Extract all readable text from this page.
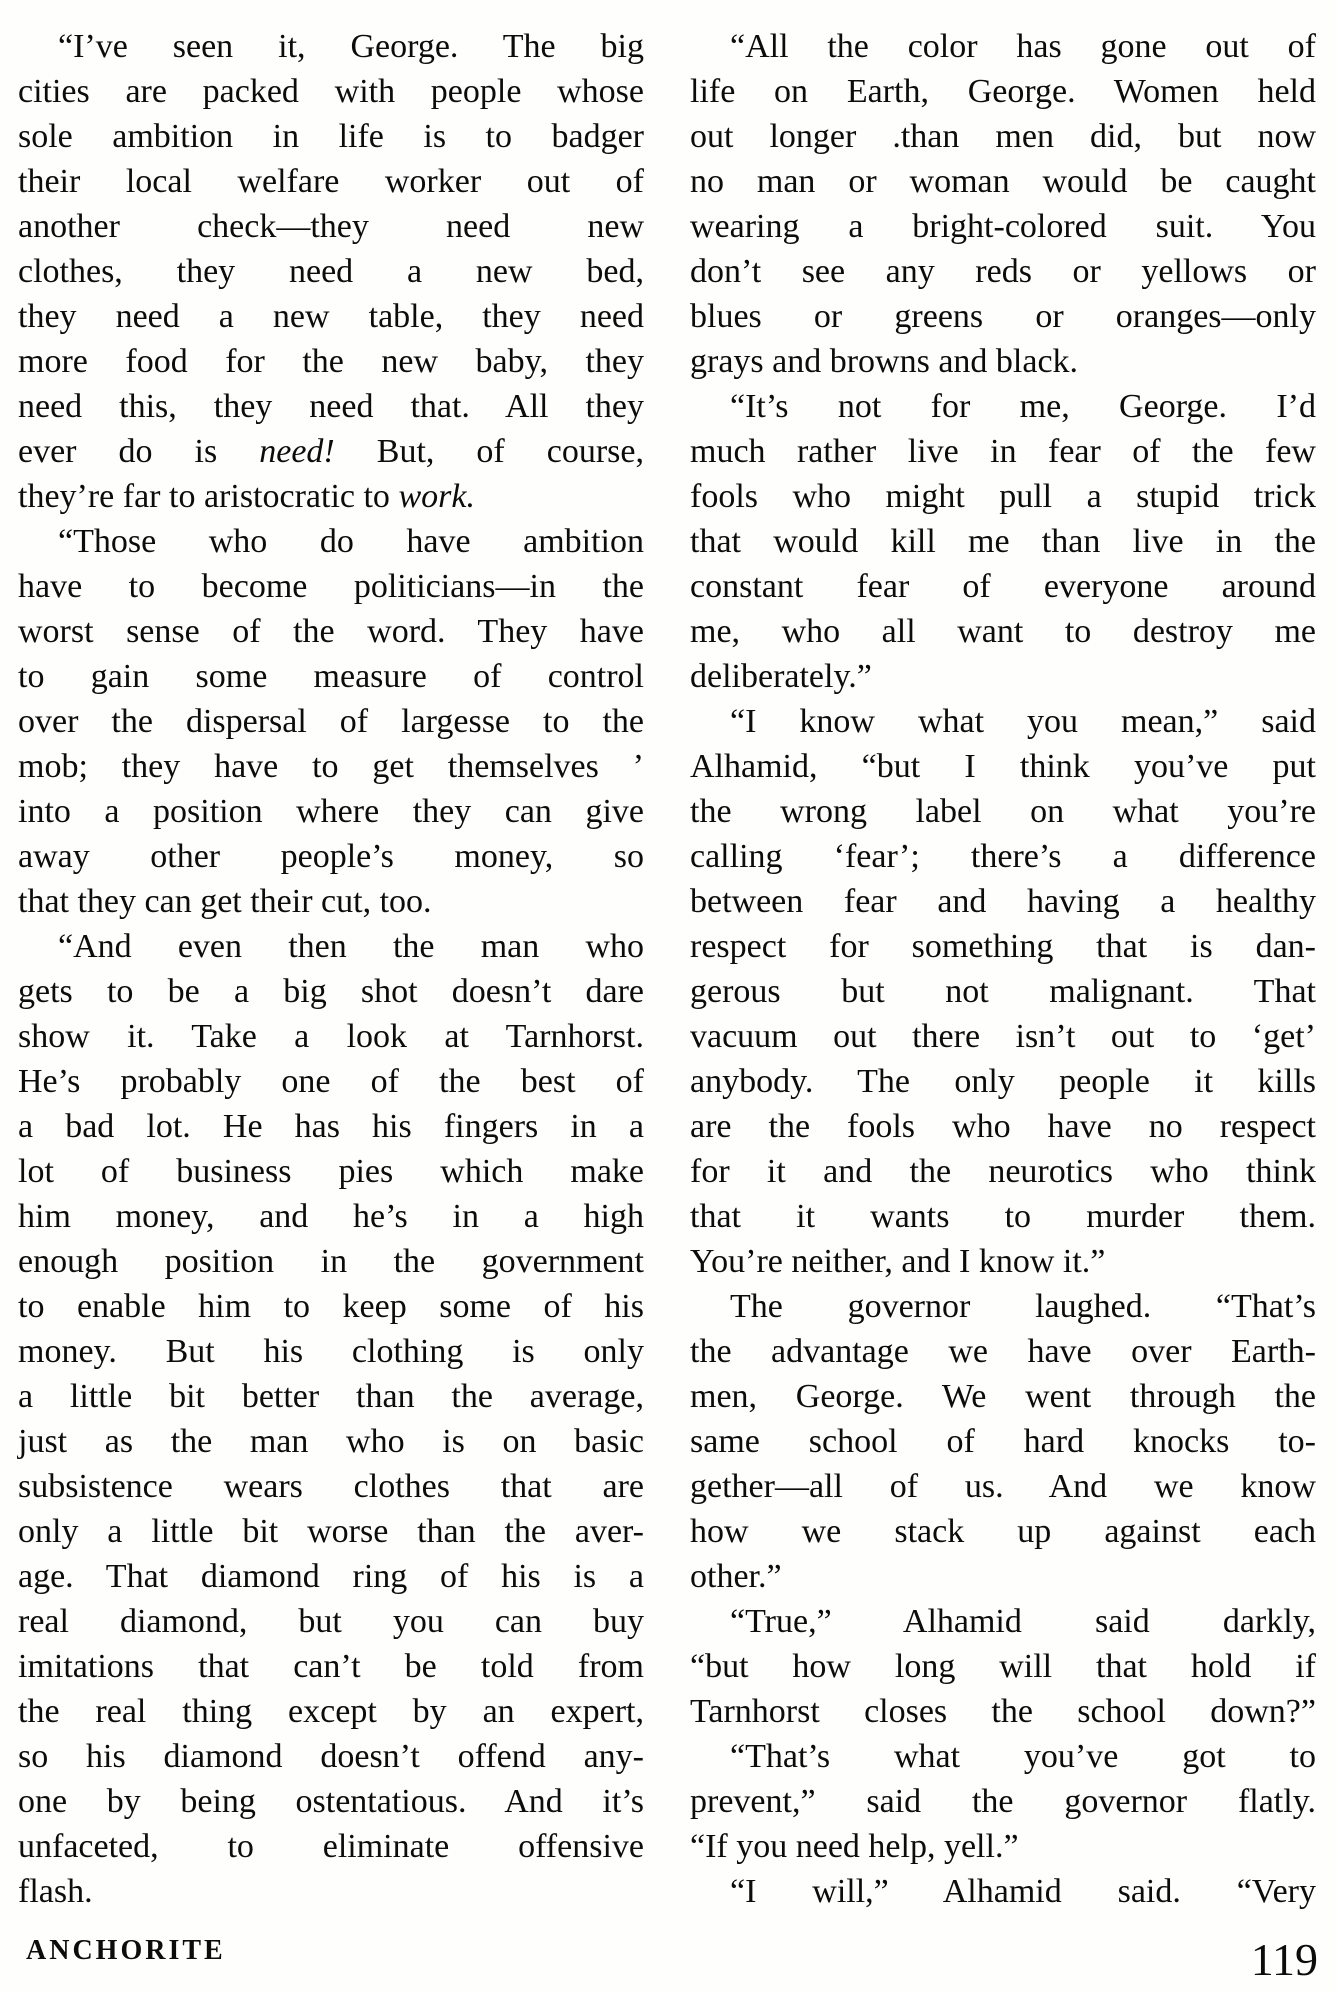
“I’ve seen it, George. The big
cities are packed with people whose
sole ambition in life is to badger
their local welfare worker out of
another check—they need new
clothes, they need a new bed,
they need a new table, they need
more food for the new baby, they
need this, they need that. All they
ever do is need! But, of course,
they’re far to aristocratic to work.
“Those who do have ambition
have to become politicians—in the
worst sense of the word. They have
to gain some measure of control
over the dispersal of largesse to the
mob; they have to get themselves ’
into a position where they can give
away other people’s money, so
that they can get their cut, too.
“And even then the man who
gets to be a big shot doesn’t dare
show it. Take a look at Tarnhorst.
He’s probably one of the best of
a bad lot. He has his fingers in a
lot of business pies which make
him money, and he’s in a high
enough position in the government
to enable him to keep some of his
money. But his clothing is only
a little bit better than the average,
just as the man who is on basic
subsistence wears clothes that are
only a little bit worse than the aver-
age. That diamond ring of his is a
real diamond, but you can buy
imitations that can’t be told from
the real thing except by an expert,
so his diamond doesn’t offend any-
one by being ostentatious. And it’s
unfaceted, to eliminate offensive
flash.
“All the color has gone out of
life on Earth, George. Women held
out longer .than men did, but now
no man or woman would be caught
wearing a bright-colored suit. You
don’t see any reds or yellows or
blues or greens or oranges—only
grays and browns and black.
“It’s not for me, George. I’d
much rather live in fear of the few
fools who might pull a stupid trick
that would kill me than live in the
constant fear of everyone around
me, who all want to destroy me
deliberately.”
“I know what you mean,” said
Alhamid, “but I think you’ve put
the wrong label on what you’re
calling ‘fear’; there’s a difference
between fear and having a healthy
respect for something that is dan-
gerous but not malignant. That
vacuum out there isn’t out to ‘get’
anybody. The only people it kills
are the fools who have no respect
for it and the neurotics who think
that it wants to murder them.
You’re neither, and I know it.”
The governor laughed. “That’s
the advantage we have over Earth-
men, George. We went through the
same school of hard knocks to-
gether—all of us. And we know
how we stack up against each
other.”
“True,” Alhamid said darkly,
“but how long will that hold if
Tarnhorst closes the school down?”
“That’s what you’ve got to
prevent,” said the governor flatly.
“If you need help, yell.”
“I will,” Alhamid said. “Very
ANCHORITE	119
